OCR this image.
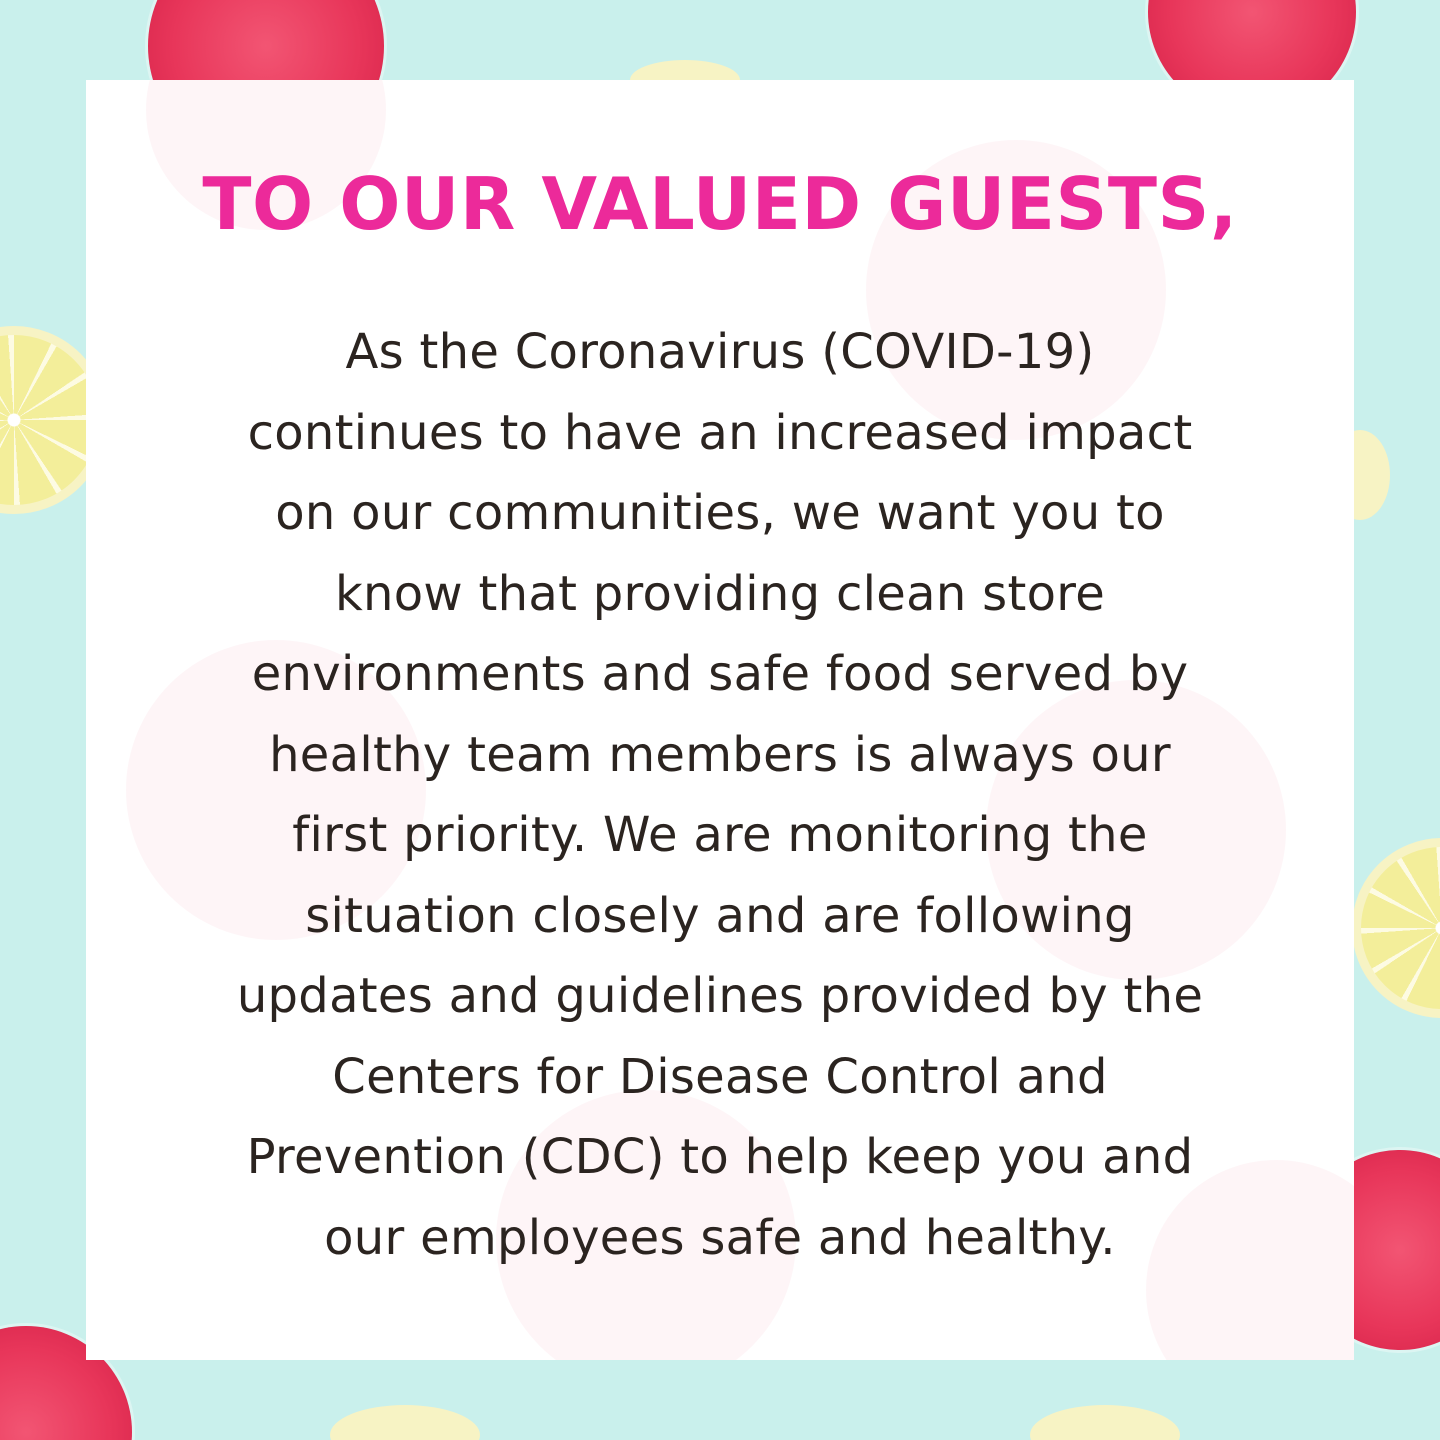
TO OUR VALUED GUESTS,

As the Coronavirus (COVID-19)
continues to have an increased impact
on our communities, we want you to
know that providing clean store
environments and safe food served by
healthy team members is always our
first priority. We are monitoring the
situation closely and are following
updates and guidelines provided by the
Centers for Disease Control and
Prevention (CDC) to help keep you and
our employees safe and healthy.
